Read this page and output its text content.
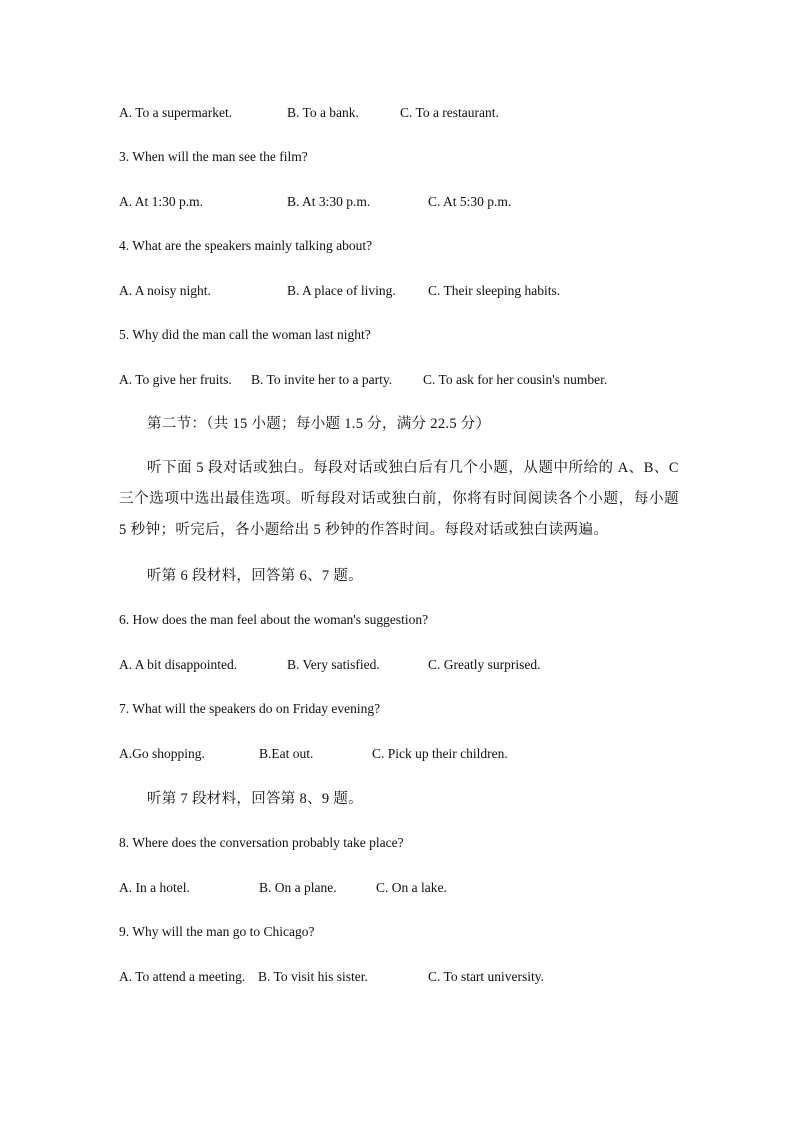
A. To a supermarket.	B. To a bank.	C. To a restaurant.
3. When will the man see the film?
A. At 1:30 p.m.	B. At 3:30 p.m.	C. At 5:30 p.m.
4. What are the speakers mainly talking about?
A. A noisy night.	B. A place of living. C. Their sleeping habits.
5. Why did the man call the woman last night?
A. To give her fruits. B. To invite her to a party. C. To ask for her cousin's number.
第二节：（共 15 小题；每小题 1.5 分，满分 22.5 分）
听下面 5 段对话或独白。每段对话或独白后有几个小题，从题中所给的 A、B、C 三个选项中选出最佳选项。听每段对话或独白前，你将有时间阅读各个小题，每小题 5 秒钟；听完后，各小题给出 5 秒钟的作答时间。每段对话或独白读两遍。
听第 6 段材料，回答第 6、7 题。
6. How does the man feel about the woman's suggestion?
A. A bit disappointed.	B. Very satisfied.	C. Greatly surprised.
7. What will the speakers do on Friday evening?
A.Go shopping.	B.Eat out.	C. Pick up their children.
听第 7 段材料，回答第 8、9 题。
8. Where does the conversation probably take place?
A. In a hotel.	B. On a plane.	C. On a lake.
9. Why will the man go to Chicago?
A. To attend a meeting. B. To visit his sister.	C. To start university.
